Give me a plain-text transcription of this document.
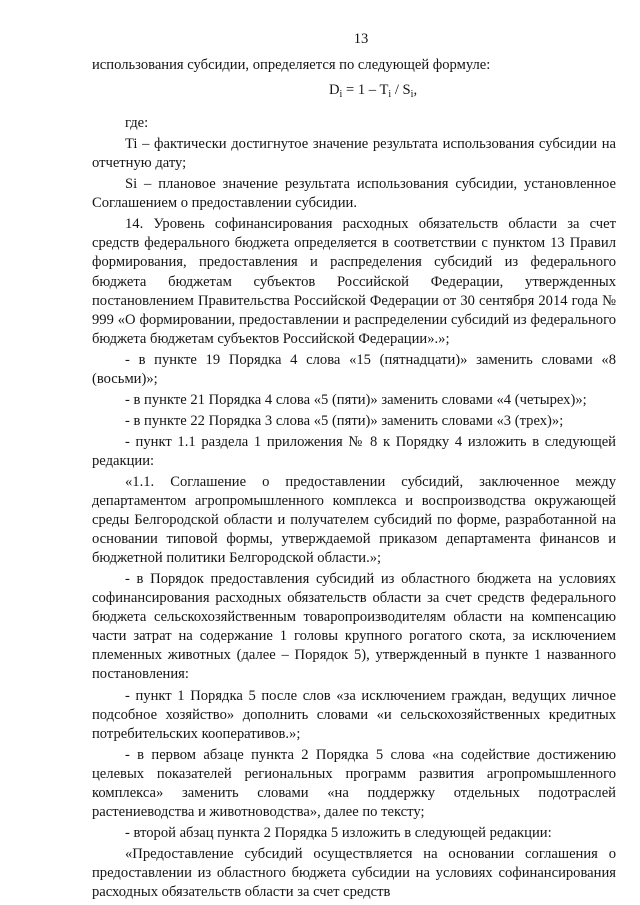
13

использования субсидии, определяется по следующей формуле:

$D_i = 1 - T_i / S_i$,

где:

Ti – фактически достигнутое значение результата использования субсидии на отчетную дату;

Si – плановое значение результата использования субсидии, установленное Соглашением о предоставлении субсидии.

14. Уровень софинансирования расходных обязательств области за счет средств федерального бюджета определяется в соответствии с пунктом 13 Правил формирования, предоставления и распределения субсидий из федерального бюджета бюджетам субъектов Российской Федерации, утвержденных постановлением Правительства Российской Федерации от 30 сентября 2014 года № 999 «О формировании, предоставлении и распределении субсидий из федерального бюджета бюджетам субъектов Российской Федерации».»;

- в пункте 19 Порядка 4 слова «15 (пятнадцати)» заменить словами «8 (восьми)»;

- в пункте 21 Порядка 4 слова «5 (пяти)» заменить словами «4 (четырех)»;

- в пункте 22 Порядка 3 слова «5 (пяти)» заменить словами «3 (трех)»;

- пункт 1.1 раздела 1 приложения № 8 к Порядку 4 изложить в следующей редакции:

«1.1. Соглашение о предоставлении субсидий, заключенное между департаментом агропромышленного комплекса и воспроизводства окружающей среды Белгородской области и получателем субсидий по форме, разработанной на основании типовой формы, утверждаемой приказом департамента финансов и бюджетной политики Белгородской области.»;

- в Порядок предоставления субсидий из областного бюджета на условиях софинансирования расходных обязательств области за счет средств федерального бюджета сельскохозяйственным товаропроизводителям области на компенсацию части затрат на содержание 1 головы крупного рогатого скота, за исключением племенных животных (далее – Порядок 5), утвержденный в пункте 1 названного постановления:

- пункт 1 Порядка 5 после слов «за исключением граждан, ведущих личное подсобное хозяйство» дополнить словами «и сельскохозяйственных кредитных потребительских кооперативов.»;

- в первом абзаце пункта 2 Порядка 5 слова «на содействие достижению целевых показателей региональных программ развития агропромышленного комплекса» заменить словами «на поддержку отдельных подотраслей растениеводства и животноводства», далее по тексту;

- второй абзац пункта 2 Порядка 5 изложить в следующей редакции:

«Предоставление субсидий осуществляется на основании соглашения о предоставлении из областного бюджета субсидии на условиях софинансирования расходных обязательств области за счет средств
